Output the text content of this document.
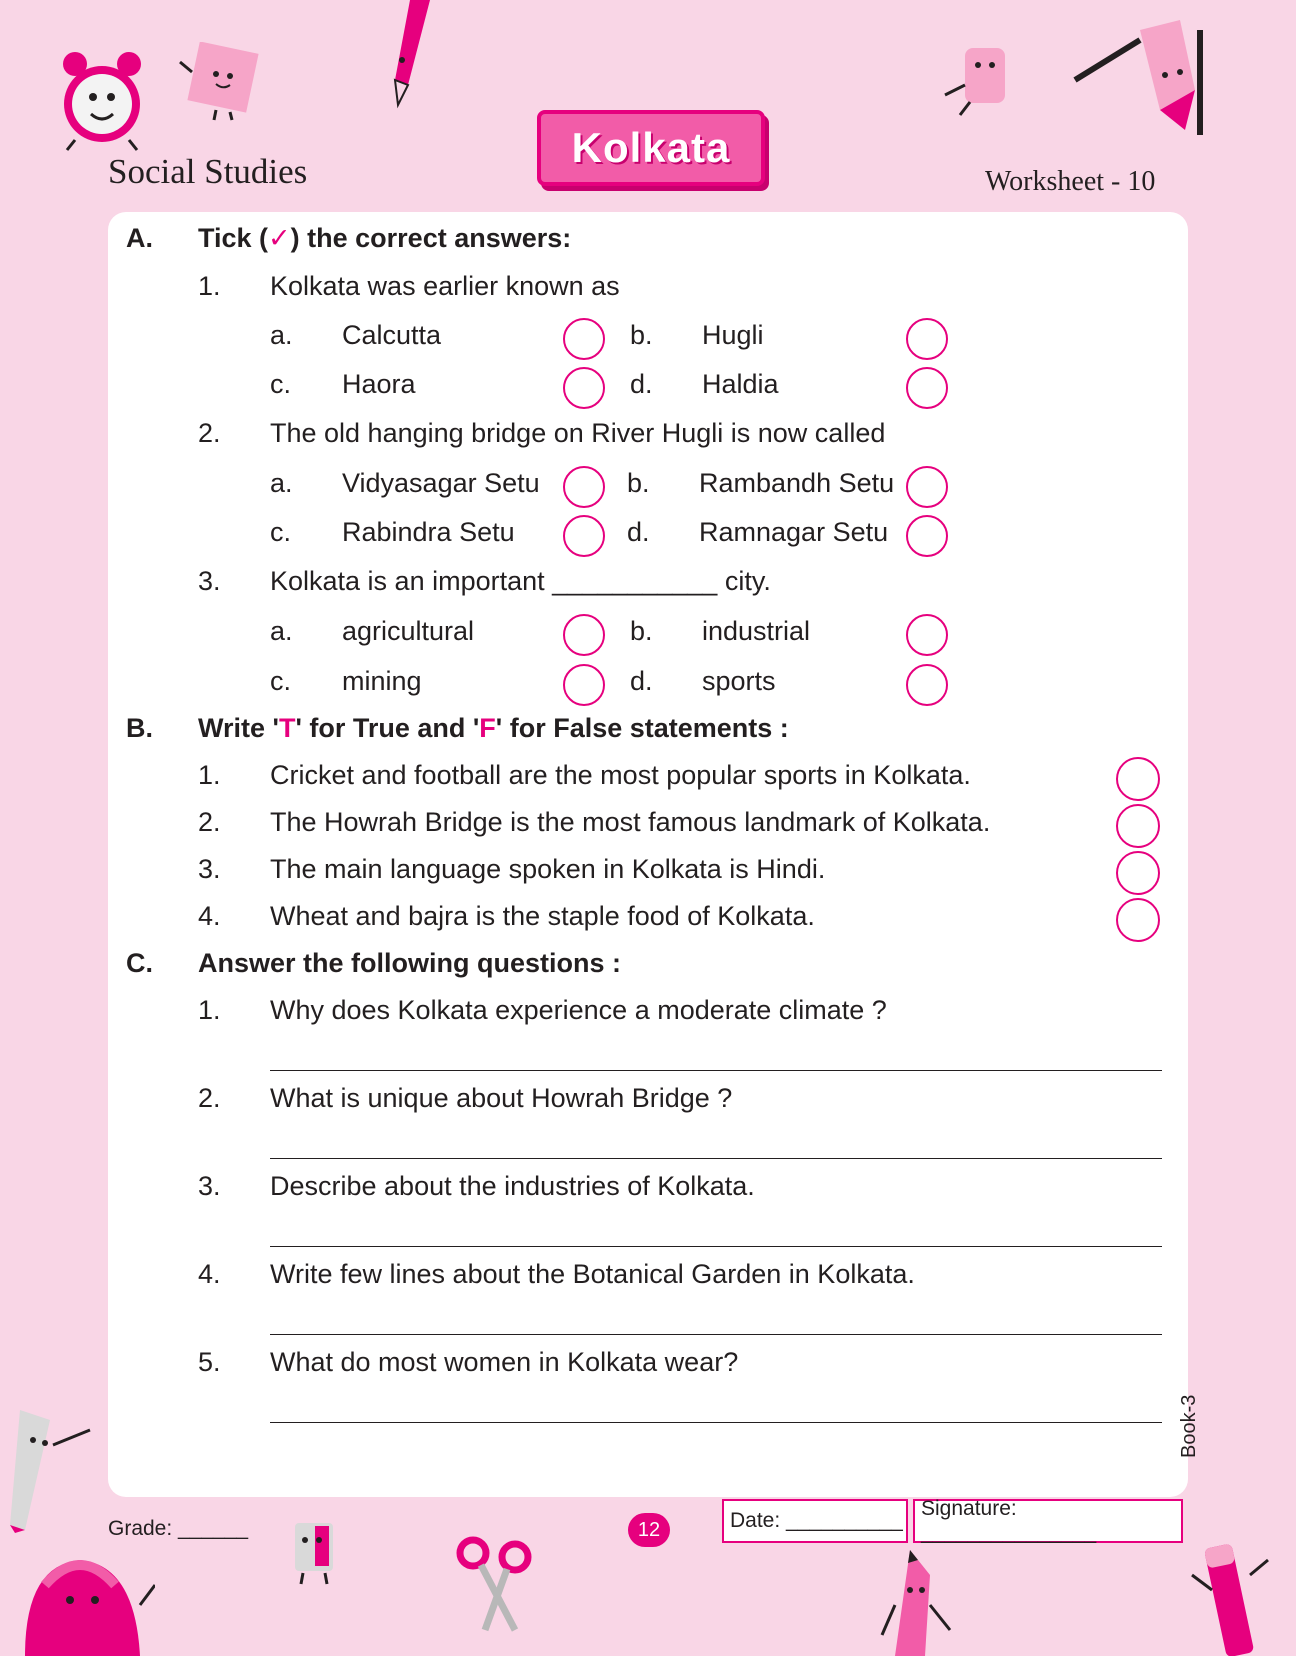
Social Studies
Kolkata
Worksheet - 10
A. Tick (✓) the correct answers:
1. Kolkata was earlier known as
a. Calcutta	b. Hugli
c. Haora	d. Haldia
2. The old hanging bridge on River Hugli is now called
a. Vidyasagar Setu	b. Rambandh Setu
c. Rabindra Setu	d. Ramnagar Setu
3. Kolkata is an important ___________ city.
a. agricultural	b. industrial
c. mining	d. sports
B. Write 'T' for True and 'F' for False statements :
1. Cricket and football are the most popular sports in Kolkata.
2. The Howrah Bridge is the most famous landmark of Kolkata.
3. The main language spoken in Kolkata is Hindi.
4. Wheat and bajra is the staple food of Kolkata.
C. Answer the following questions :
1. Why does Kolkata experience a moderate climate ?
2. What is unique about Howrah Bridge ?
3. Describe about the industries of Kolkata.
4. Write few lines about the Botanical Garden in Kolkata.
5. What do most women in Kolkata wear?
Book-3
Grade: ______	12	Date: __________
Signature: _______________
